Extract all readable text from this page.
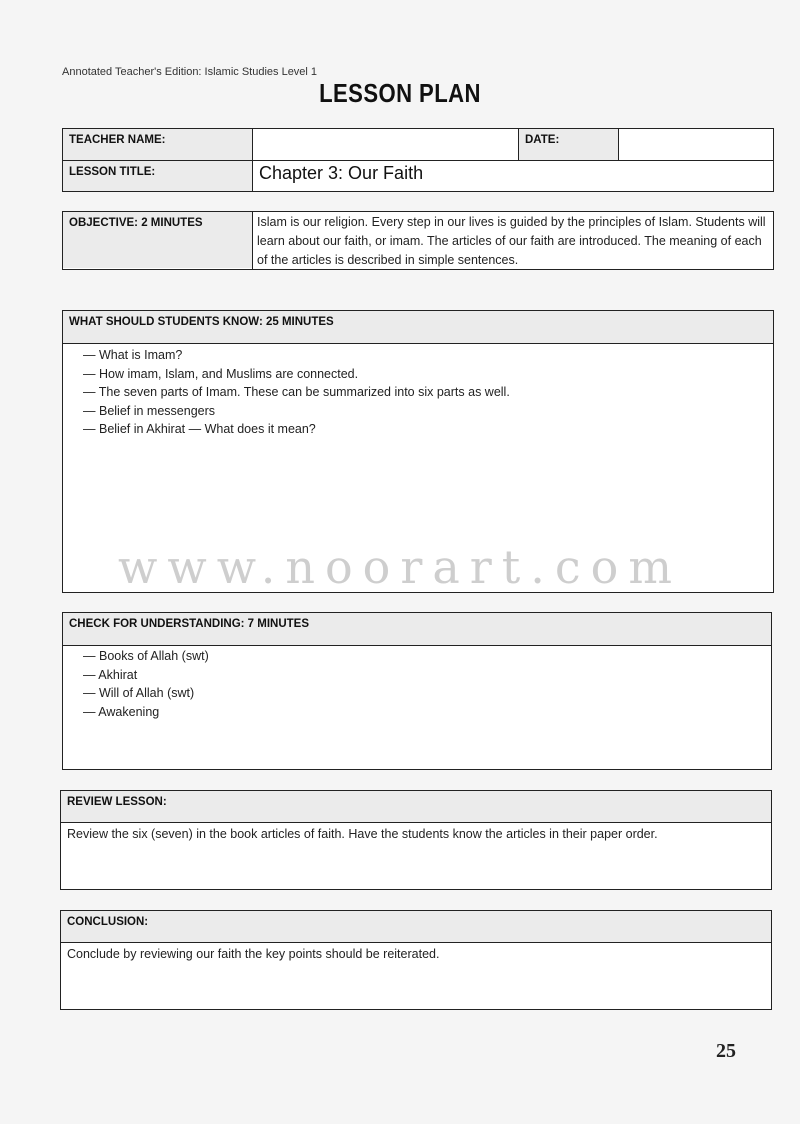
Annotated Teacher's Edition: Islamic Studies Level 1
LESSON PLAN
TEACHER NAME:	DATE:
LESSON TITLE:	Chapter 3: Our Faith
OBJECTIVE: 2 MINUTES	Islam is our religion. Every step in our lives is guided by the principles of Islam. Students will learn about our faith, or imam. The articles of our faith are introduced. The meaning of each of the articles is described in simple sentences.
WHAT SHOULD STUDENTS KNOW: 25 MINUTES
— What is Imam?
— How imam, Islam, and Muslims are connected.
— The seven parts of Imam. These can be summarized into six parts as well.
— Belief in messengers
— Belief in Akhirat — What does it mean?
CHECK FOR UNDERSTANDING: 7 MINUTES
— Books of Allah (swt)
— Akhirat
— Will of Allah (swt)
— Awakening
REVIEW LESSON:
Review the six (seven) in the book articles of faith. Have the students know the articles in their paper order.
CONCLUSION:
Conclude by reviewing our faith the key points should be reiterated.
www.noorart.com
25
